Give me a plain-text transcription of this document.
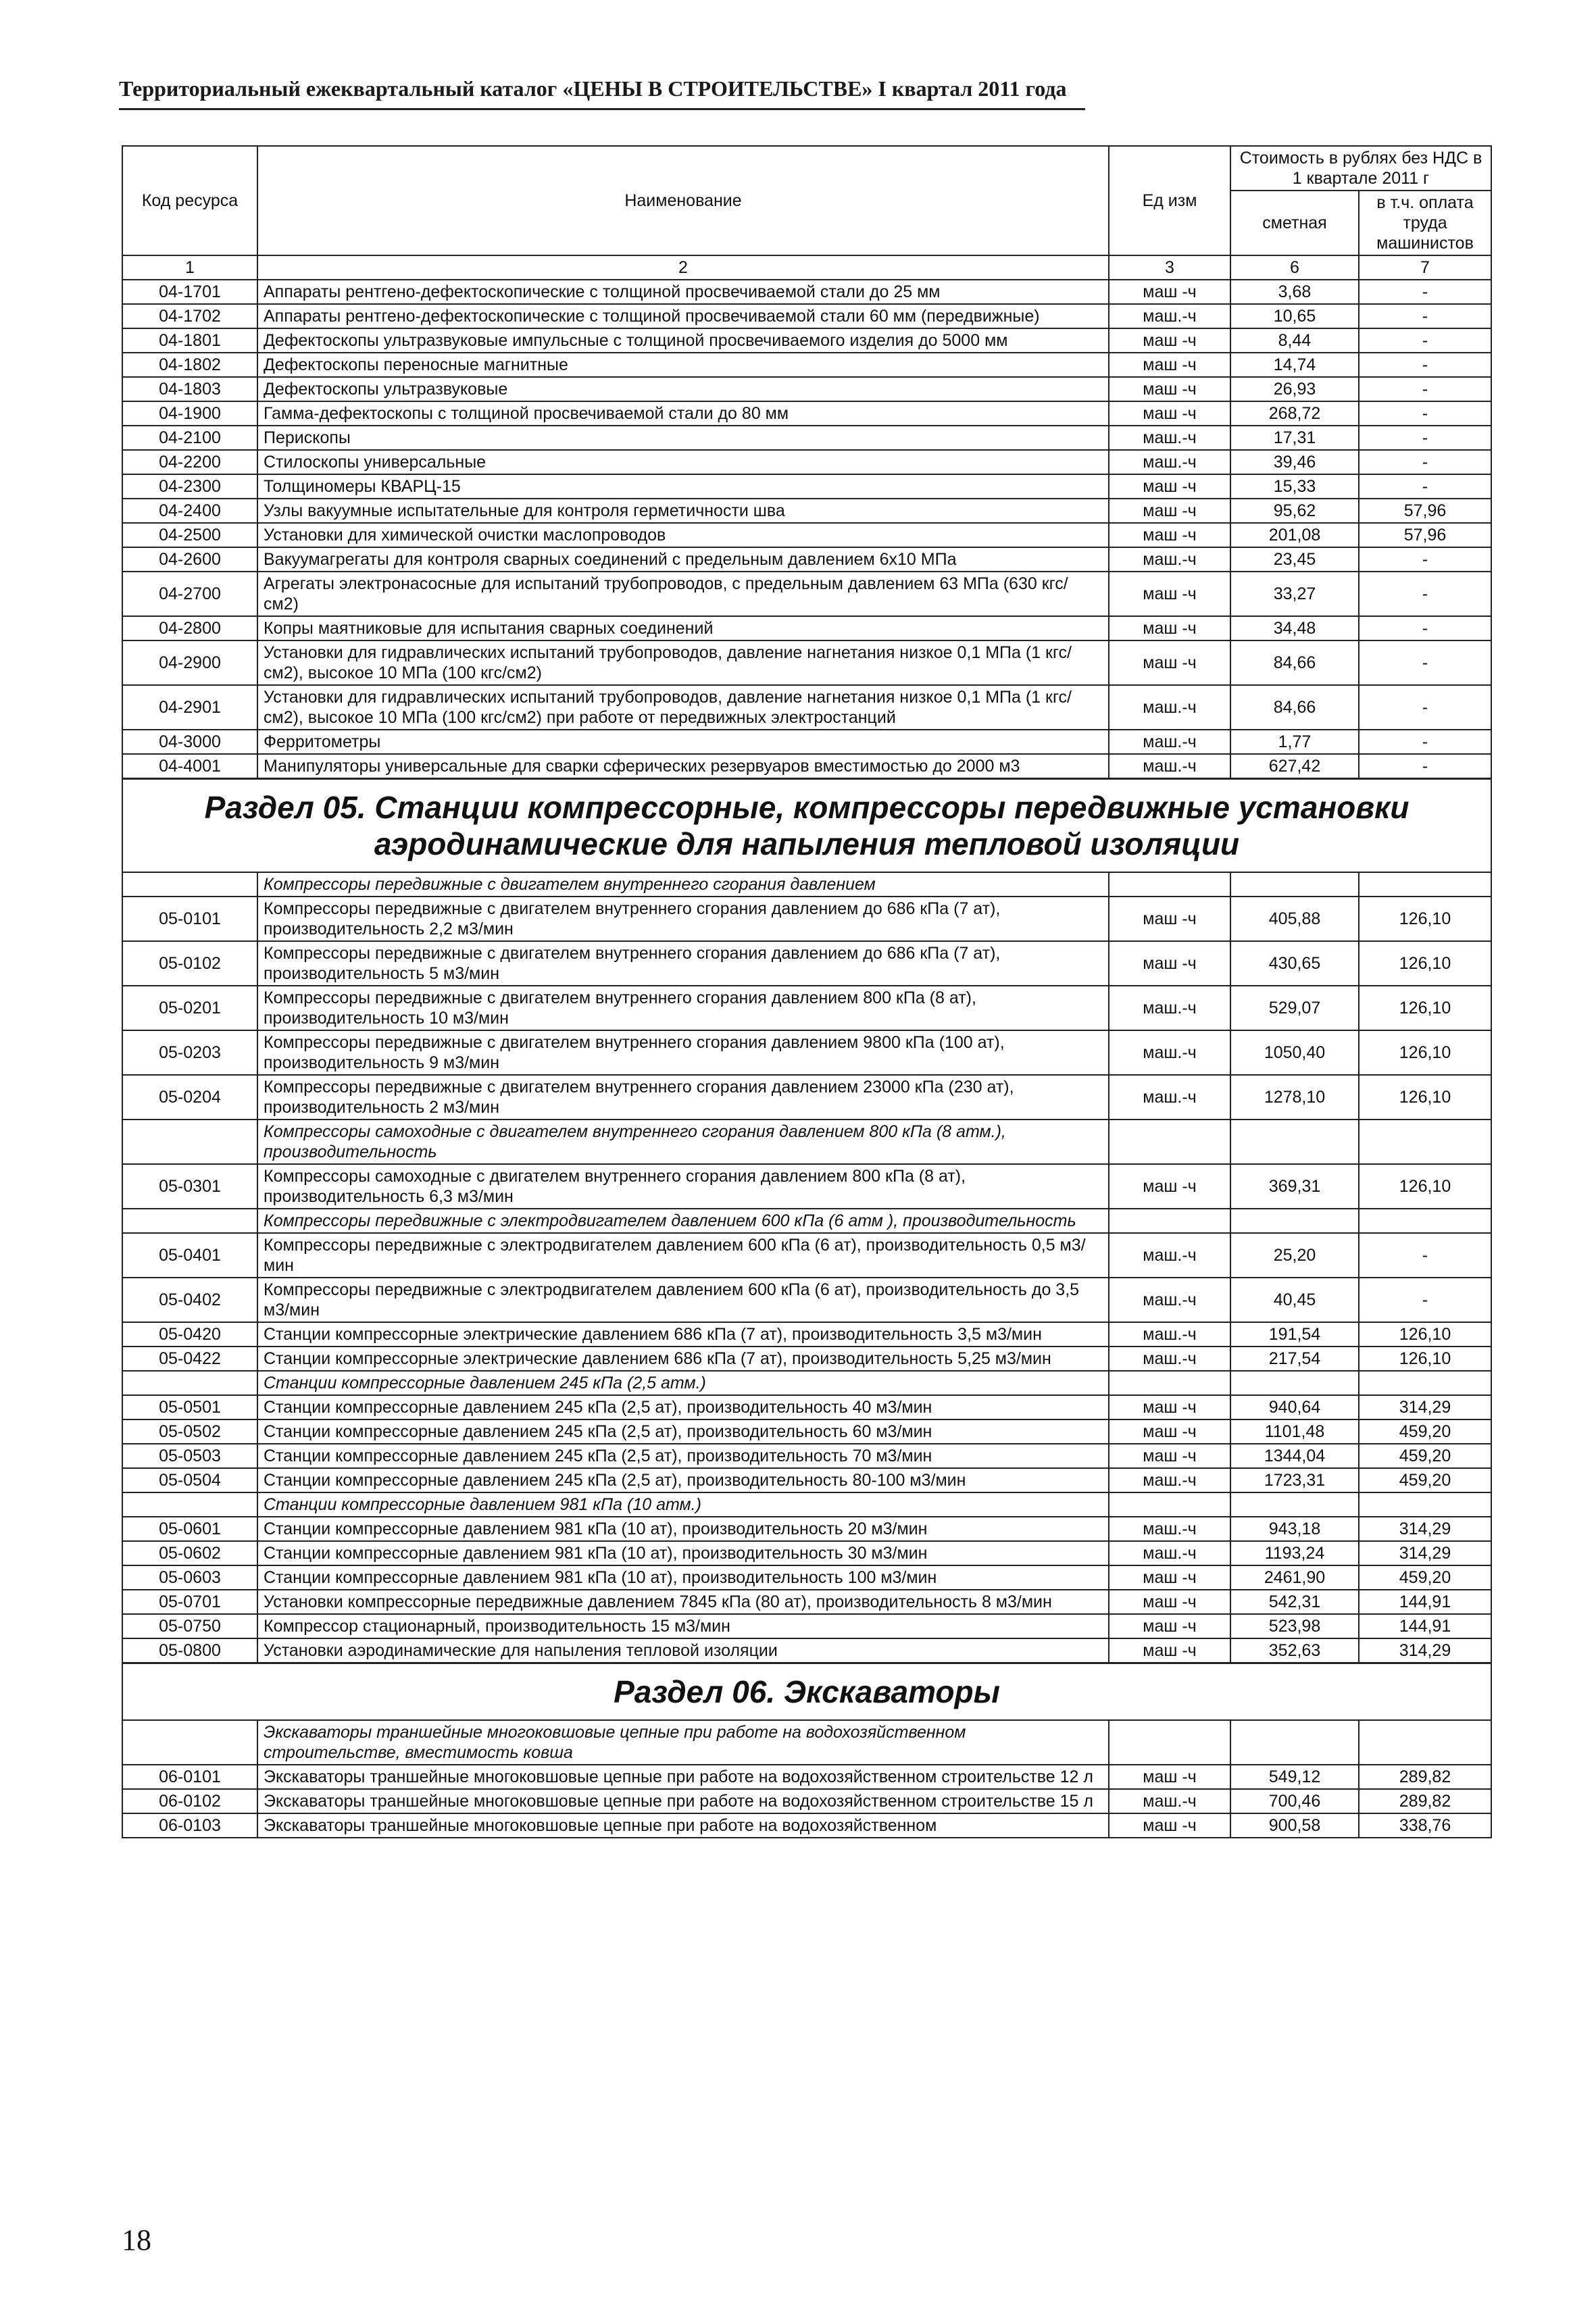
Территориальный ежеквартальный каталог «ЦЕНЫ В СТРОИТЕЛЬСТВЕ» I квартал 2011 года
Код ресурса	Наименование	Ед изм	Стоимость в рублях без НДС в 1 квартале 2011 г	
			сметная	в т.ч. оплата труда машинистов
1	2	3	6	7
04-1701	Аппараты рентгено-дефектоскопические с толщиной просвечиваемой стали до 25 мм	маш -ч	3,68	-
04-1702	Аппараты рентгено-дефектоскопические с толщиной просвечиваемой стали 60 мм (передвижные)	маш.-ч	10,65	-
04-1801	Дефектоскопы ультразвуковые импульсные с толщиной просвечиваемого изделия до 5000 мм	маш -ч	8,44	-
04-1802	Дефектоскопы переносные магнитные	маш -ч	14,74	-
04-1803	Дефектоскопы ультразвуковые	маш -ч	26,93	-
04-1900	Гамма-дефектоскопы с толщиной просвечиваемой стали до 80 мм	маш -ч	268,72	-
04-2100	Перископы	маш.-ч	17,31	-
04-2200	Стилоскопы универсальные	маш.-ч	39,46	-
04-2300	Толщиномеры КВАРЦ-15	маш -ч	15,33	-
04-2400	Узлы вакуумные испытательные для контроля герметичности шва	маш -ч	95,62	57,96
04-2500	Установки для химической очистки маслопроводов	маш -ч	201,08	57,96
04-2600	Вакуумагрегаты для контроля сварных соединений с предельным давлением 6х10 МПа	маш.-ч	23,45	-
04-2700	Агрегаты электронасосные для испытаний трубопроводов, с предельным давлением 63 МПа (630 кгс/см2)	маш -ч	33,27	-
04-2800	Копры маятниковые для испытания сварных соединений	маш -ч	34,48	-
04-2900	Установки для гидравлических испытаний трубопроводов, давление нагнетания низкое 0,1 МПа (1 кгс/см2), высокое 10 МПа (100 кгс/см2)	маш -ч	84,66	-
04-2901	Установки для гидравлических испытаний трубопроводов, давление нагнетания низкое 0,1 МПа (1 кгс/см2), высокое 10 МПа (100 кгс/см2) при работе от передвижных электростанций	маш.-ч	84,66	-
04-3000	Ферритометры	маш.-ч	1,77	-
04-4001	Манипуляторы универсальные для сварки сферических резервуаров вместимостью до 2000 м3	маш.-ч	627,42	-
Раздел 05. Станции компрессорные, компрессоры передвижные установки аэродинамические для напыления тепловой изоляции				
	Компрессоры передвижные с двигателем внутреннего сгорания давлением			
05-0101	Компрессоры передвижные с двигателем внутреннего сгорания давлением до 686 кПа (7 ат), производительность 2,2 м3/мин	маш -ч	405,88	126,10
05-0102	Компрессоры передвижные с двигателем внутреннего сгорания давлением до 686 кПа (7 ат), производительность 5 м3/мин	маш -ч	430,65	126,10
05-0201	Компрессоры передвижные с двигателем внутреннего сгорания давлением 800 кПа (8 ат), производительность 10 м3/мин	маш.-ч	529,07	126,10
05-0203	Компрессоры передвижные с двигателем внутреннего сгорания давлением 9800 кПа (100 ат), производительность 9 м3/мин	маш.-ч	1050,40	126,10
05-0204	Компрессоры передвижные с двигателем внутреннего сгорания давлением 23000 кПа (230 ат), производительность 2 м3/мин	маш.-ч	1278,10	126,10
	Компрессоры самоходные с двигателем внутреннего сгорания давлением 800 кПа (8 атм.), производительность			
05-0301	Компрессоры самоходные с двигателем внутреннего сгорания давлением 800 кПа (8 ат), производительность 6,3 м3/мин	маш -ч	369,31	126,10
	Компрессоры передвижные с электродвигателем давлением 600 кПа (6 атм ), производительность			
05-0401	Компрессоры передвижные с электродвигателем давлением 600 кПа (6 ат), производительность 0,5 м3/мин	маш.-ч	25,20	-
05-0402	Компрессоры передвижные с электродвигателем давлением 600 кПа (6 ат), производительность до 3,5 м3/мин	маш.-ч	40,45	-
05-0420	Станции компрессорные электрические давлением 686 кПа (7 ат), производительность 3,5 м3/мин	маш.-ч	191,54	126,10
05-0422	Станции компрессорные электрические давлением 686 кПа (7 ат), производительность 5,25 м3/мин	маш.-ч	217,54	126,10
	Станции компрессорные давлением 245 кПа (2,5 атм.)			
05-0501	Станции компрессорные давлением 245 кПа (2,5 ат), производительность 40 м3/мин	маш -ч	940,64	314,29
05-0502	Станции компрессорные давлением 245 кПа (2,5 ат), производительность 60 м3/мин	маш -ч	1101,48	459,20
05-0503	Станции компрессорные давлением 245 кПа (2,5 ат), производительность 70 м3/мин	маш -ч	1344,04	459,20
05-0504	Станции компрессорные давлением 245 кПа (2,5 ат), производительность 80-100 м3/мин	маш.-ч	1723,31	459,20
	Станции компрессорные давлением 981 кПа (10 атм.)			
05-0601	Станции компрессорные давлением 981 кПа (10 ат), производительность 20 м3/мин	маш.-ч	943,18	314,29
05-0602	Станции компрессорные давлением 981 кПа (10 ат), производительность 30 м3/мин	маш.-ч	1193,24	314,29
05-0603	Станции компрессорные давлением 981 кПа (10 ат), производительность 100 м3/мин	маш -ч	2461,90	459,20
05-0701	Установки компрессорные передвижные давлением 7845 кПа (80 ат), производительность 8 м3/мин	маш -ч	542,31	144,91
05-0750	Компрессор стационарный, производительность 15 м3/мин	маш -ч	523,98	144,91
05-0800	Установки аэродинамические для напыления тепловой изоляции	маш -ч	352,63	314,29
Раздел 06. Экскаваторы				
	Экскаваторы траншейные многоковшовые цепные при работе на водохозяйственном строительстве, вместимость ковша			
06-0101	Экскаваторы траншейные многоковшовые цепные при работе на водохозяйственном строительстве 12 л	маш -ч	549,12	289,82
06-0102	Экскаваторы траншейные многоковшовые цепные при работе на водохозяйственном строительстве 15 л	маш.-ч	700,46	289,82
06-0103	Экскаваторы траншейные многоковшовые цепные при работе на водохозяйственном	маш -ч	900,58	338,76
18
